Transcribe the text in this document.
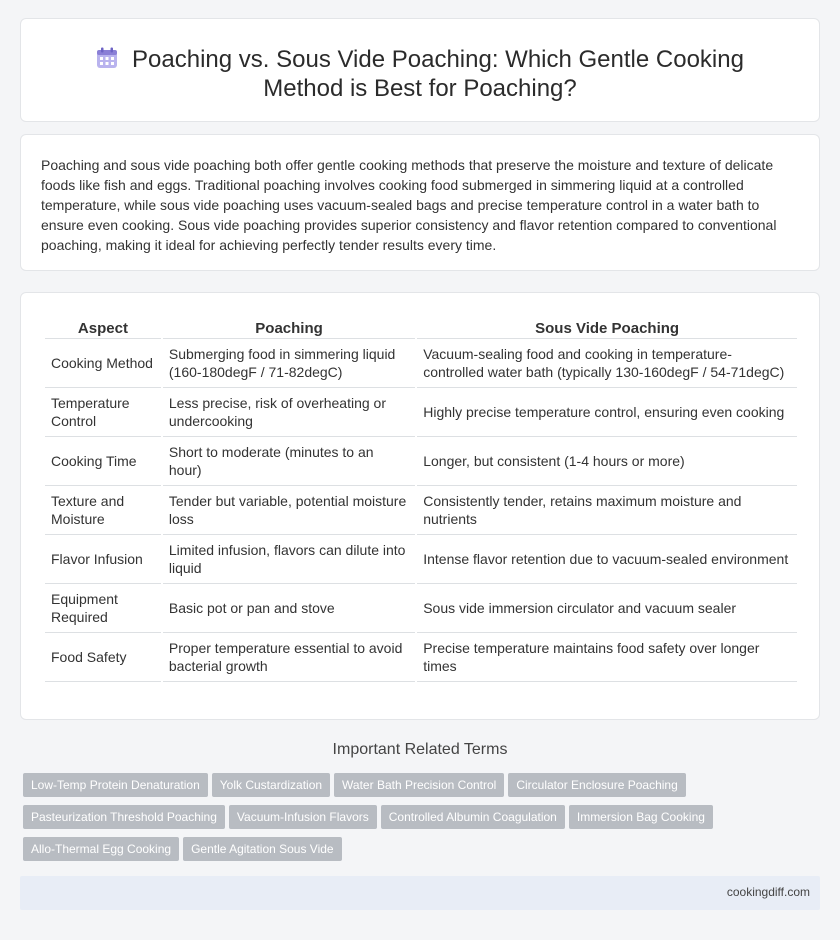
Poaching vs. Sous Vide Poaching: Which Gentle Cooking Method is Best for Poaching?

Poaching and sous vide poaching both offer gentle cooking methods that preserve the moisture and texture of delicate foods like fish and eggs. Traditional poaching involves cooking food submerged in simmering liquid at a controlled temperature, while sous vide poaching uses vacuum-sealed bags and precise temperature control in a water bath to ensure even cooking. Sous vide poaching provides superior consistency and flavor retention compared to conventional poaching, making it ideal for achieving perfectly tender results every time.

Aspect	Poaching	Sous Vide Poaching
Cooking Method	Submerging food in simmering liquid (160-180degF / 71-82degC)	Vacuum-sealing food and cooking in temperature-controlled water bath (typically 130-160degF / 54-71degC)
Temperature Control	Less precise, risk of overheating or undercooking	Highly precise temperature control, ensuring even cooking
Cooking Time	Short to moderate (minutes to an hour)	Longer, but consistent (1-4 hours or more)
Texture and Moisture	Tender but variable, potential moisture loss	Consistently tender, retains maximum moisture and nutrients
Flavor Infusion	Limited infusion, flavors can dilute into liquid	Intense flavor retention due to vacuum-sealed environment
Equipment Required	Basic pot or pan and stove	Sous vide immersion circulator and vacuum sealer
Food Safety	Proper temperature essential to avoid bacterial growth	Precise temperature maintains food safety over longer times
Important Related Terms
Low-Temp Protein Denaturation Yolk Custardization Water Bath Precision Control Circulator Enclosure Poaching
Pasteurization Threshold Poaching Vacuum-Infusion Flavors Controlled Albumin Coagulation Immersion Bag Cooking
Allo-Thermal Egg Cooking Gentle Agitation Sous Vide
cookingdiff.com
